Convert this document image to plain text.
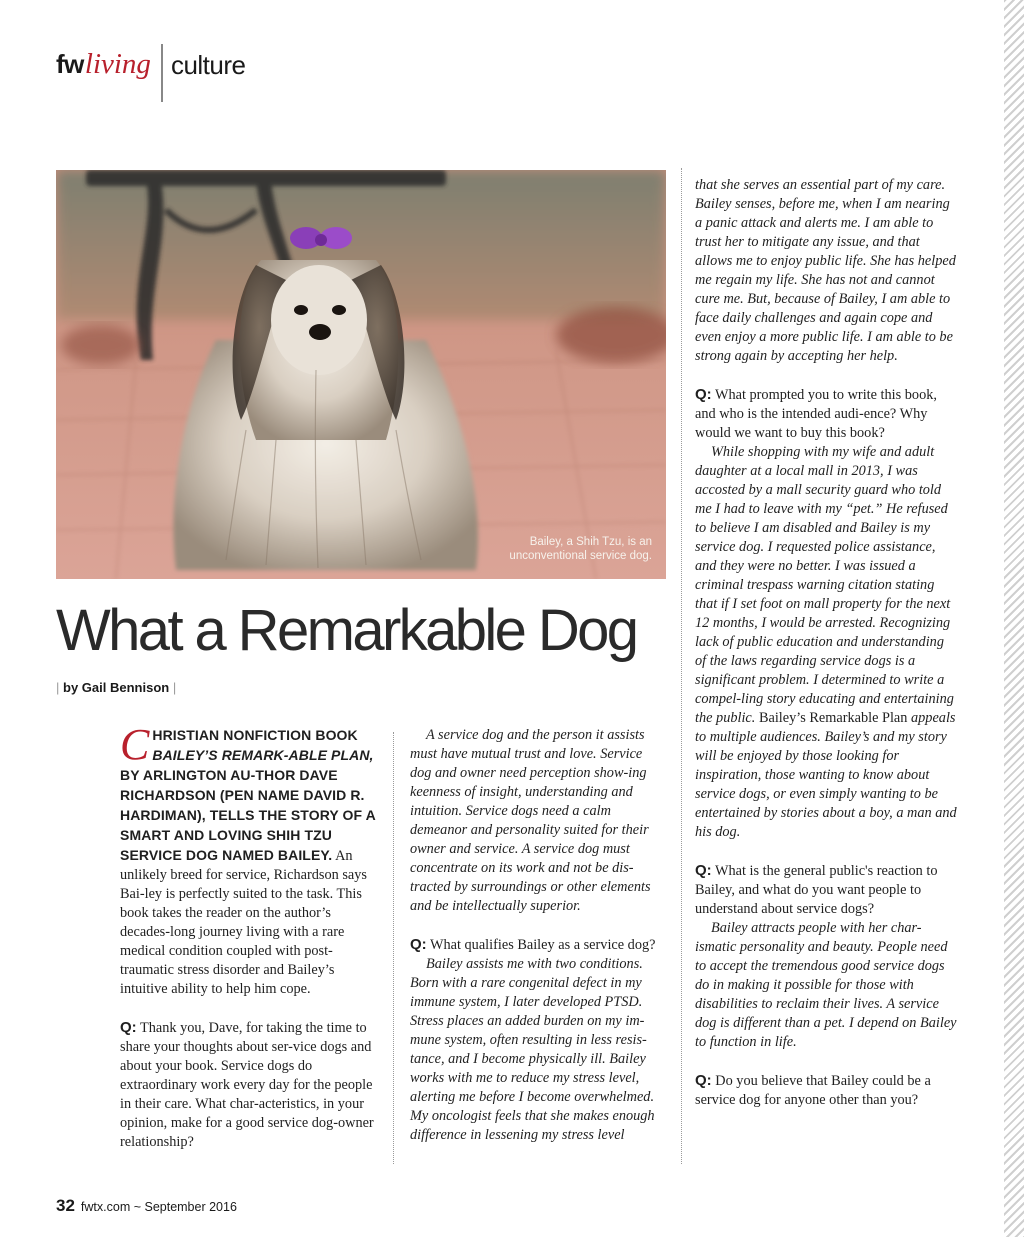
fw living culture
Bailey, a Shih Tzu, is an
unconventional service dog.
What a Remarkable Dog
| by Gail Bennison |

CHRISTIAN NONFICTION BOOK BAILEY’S REMARK-ABLE PLAN, BY ARLINGTON AU-THOR DAVE RICHARDSON (PEN NAME DAVID R. HARDIMAN), TELLS THE STORY OF A SMART AND LOVING SHIH TZU SERVICE DOG NAMED BAILEY. An unlikely breed for service, Richardson says Bai-ley is perfectly suited to the task. This book takes the reader on the author’s decades-long journey living with a rare medical condition coupled with post-traumatic stress disorder and Bailey’s intuitive ability to help him cope.

Q: Thank you, Dave, for taking the time to share your thoughts about ser-vice dogs and about your book. Service dogs do extraordinary work every day for the people in their care. What char-acteristics, in your opinion, make for a good service dog-owner relationship?

A service dog and the person it assists must have mutual trust and love. Service dog and owner need perception show-ing keenness of insight, understanding and intuition. Service dogs need a calm demeanor and personality suited for their owner and service. A service dog must concentrate on its work and not be dis-tracted by surroundings or other elements and be intellectually superior.

Q: What qualifies Bailey as a service dog?

Bailey assists me with two conditions. Born with a rare congenital defect in my immune system, I later developed PTSD. Stress places an added burden on my im-mune system, often resulting in less resis-tance, and I become physically ill. Bailey works with me to reduce my stress level, alerting me before I become overwhelmed. My oncologist feels that she makes enough difference in lessening my stress level

that she serves an essential part of my care. Bailey senses, before me, when I am nearing a panic attack and alerts me. I am able to trust her to mitigate any issue, and that allows me to enjoy public life. She has helped me regain my life. She has not and cannot cure me. But, because of Bailey, I am able to face daily challenges and again cope and even enjoy a more public life. I am able to be strong again by accepting her help.

Q: What prompted you to write this book, and who is the intended audi-ence? Why would we want to buy this book?

While shopping with my wife and adult daughter at a local mall in 2013, I was accosted by a mall security guard who told me I had to leave with my “pet.” He refused to believe I am disabled and Bailey is my service dog. I requested police assistance, and they were no better. I was issued a criminal trespass warning citation stating that if I set foot on mall property for the next 12 months, I would be arrested. Recognizing lack of public education and understanding of the laws regarding service dogs is a significant problem. I determined to write a compel-ling story educating and entertaining the public. Bailey’s Remarkable Plan appeals to multiple audiences. Bailey’s and my story will be enjoyed by those looking for inspiration, those wanting to know about service dogs, or even simply wanting to be entertained by stories about a boy, a man and his dog.

Q: What is the general public's reaction to Bailey, and what do you want people to understand about service dogs?

Bailey attracts people with her char-ismatic personality and beauty. People need to accept the tremendous good service dogs do in making it possible for those with disabilities to reclaim their lives. A service dog is different than a pet. I depend on Bailey to function in life.

Q: Do you believe that Bailey could be a service dog for anyone other than you?

32 fwtx.com ~ September 2016
